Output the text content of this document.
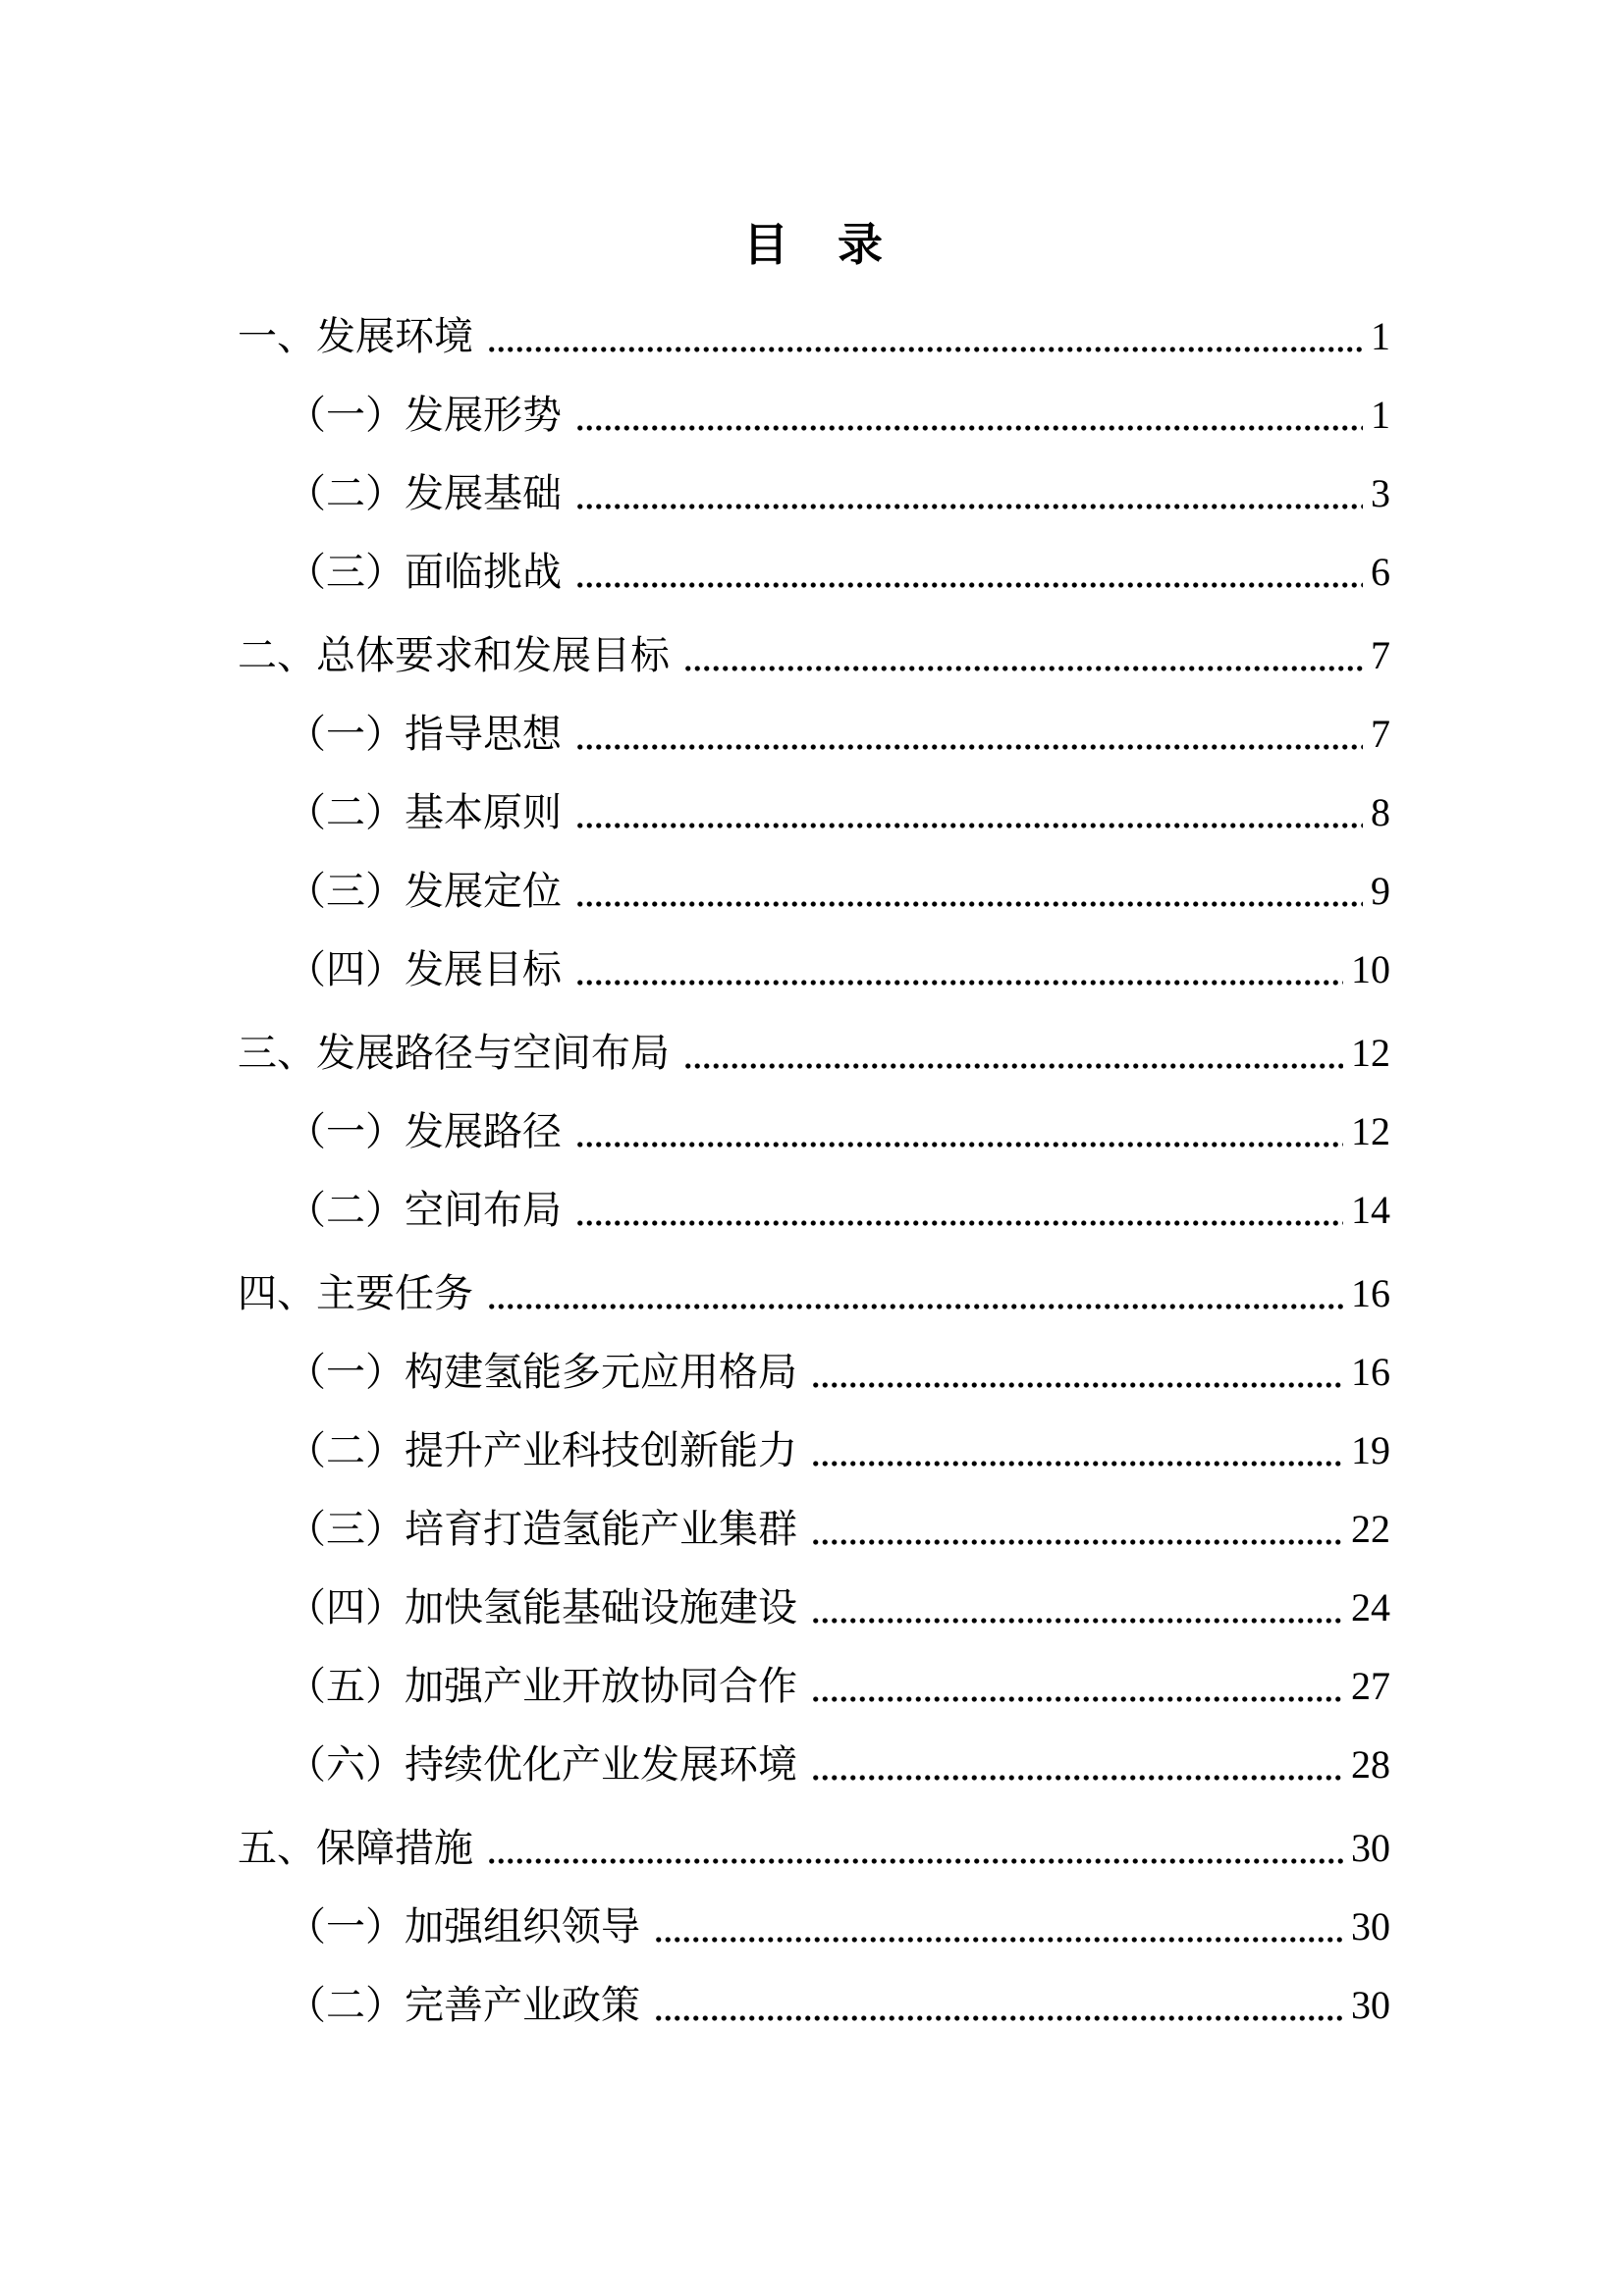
目　录
一、发展环境	1
（一）发展形势	1
（二）发展基础	3
（三）面临挑战	6
二、总体要求和发展目标	7
（一）指导思想	7
（二）基本原则	8
（三）发展定位	9
（四）发展目标	10
三、发展路径与空间布局	12
（一）发展路径	12
（二）空间布局	14
四、主要任务	16
（一）构建氢能多元应用格局	16
（二）提升产业科技创新能力	19
（三）培育打造氢能产业集群	22
（四）加快氢能基础设施建设	24
（五）加强产业开放协同合作	27
（六）持续优化产业发展环境	28
五、保障措施	30
（一）加强组织领导	30
（二）完善产业政策	30
